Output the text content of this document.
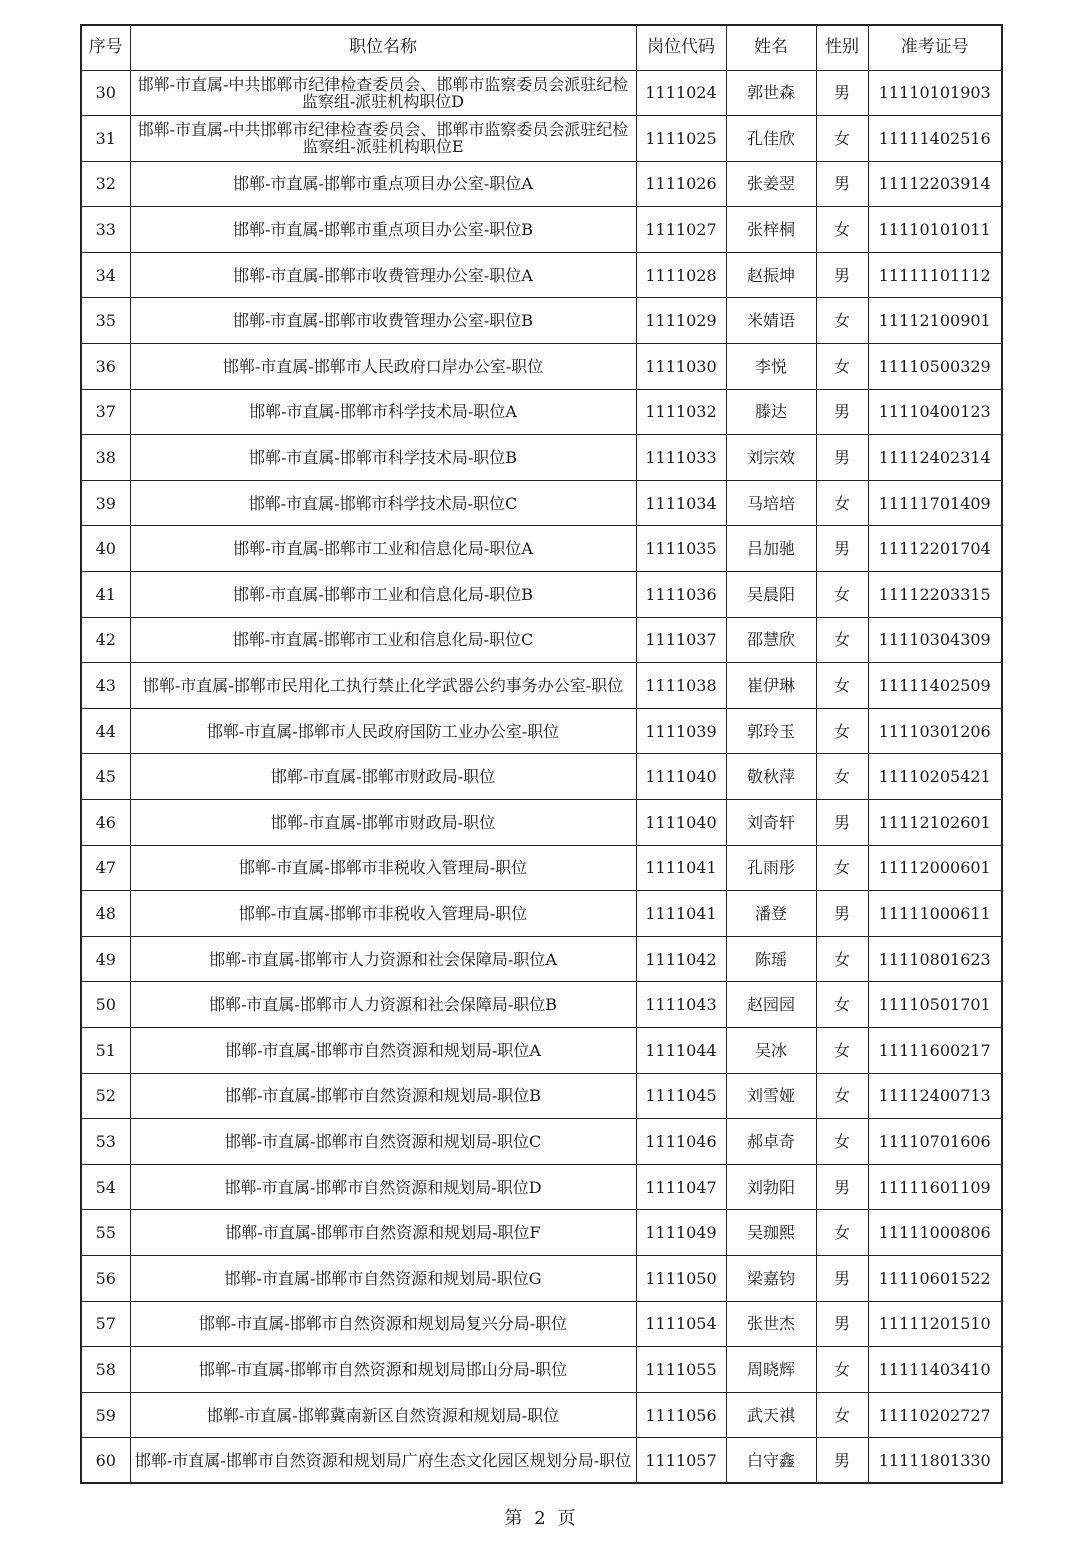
序号	职位名称	岗位代码	姓名	性别	准考证号
30	邯郸-市直属-中共邯郸市纪律检查委员会、邯郸市监察委员会派驻纪检监察组-派驻机构职位D	1111024	郭世森	男	11110101903
31	邯郸-市直属-中共邯郸市纪律检查委员会、邯郸市监察委员会派驻纪检监察组-派驻机构职位E	1111025	孔佳欣	女	11111402516
32	邯郸-市直属-邯郸市重点项目办公室-职位A	1111026	张姜翌	男	11112203914
33	邯郸-市直属-邯郸市重点项目办公室-职位B	1111027	张梓桐	女	11110101011
34	邯郸-市直属-邯郸市收费管理办公室-职位A	1111028	赵振坤	男	11111101112
35	邯郸-市直属-邯郸市收费管理办公室-职位B	1111029	米婧语	女	11112100901
36	邯郸-市直属-邯郸市人民政府口岸办公室-职位	1111030	李悦	女	11110500329
37	邯郸-市直属-邯郸市科学技术局-职位A	1111032	滕达	男	11110400123
38	邯郸-市直属-邯郸市科学技术局-职位B	1111033	刘宗效	男	11112402314
39	邯郸-市直属-邯郸市科学技术局-职位C	1111034	马培培	女	11111701409
40	邯郸-市直属-邯郸市工业和信息化局-职位A	1111035	吕加驰	男	11112201704
41	邯郸-市直属-邯郸市工业和信息化局-职位B	1111036	吴晨阳	女	11112203315
42	邯郸-市直属-邯郸市工业和信息化局-职位C	1111037	邵慧欣	女	11110304309
43	邯郸-市直属-邯郸市民用化工执行禁止化学武器公约事务办公室-职位	1111038	崔伊琳	女	11111402509
44	邯郸-市直属-邯郸市人民政府国防工业办公室-职位	1111039	郭玲玉	女	11110301206
45	邯郸-市直属-邯郸市财政局-职位	1111040	敬秋萍	女	11110205421
46	邯郸-市直属-邯郸市财政局-职位	1111040	刘奇轩	男	11112102601
47	邯郸-市直属-邯郸市非税收入管理局-职位	1111041	孔雨彤	女	11112000601
48	邯郸-市直属-邯郸市非税收入管理局-职位	1111041	潘登	男	11111000611
49	邯郸-市直属-邯郸市人力资源和社会保障局-职位A	1111042	陈瑶	女	11110801623
50	邯郸-市直属-邯郸市人力资源和社会保障局-职位B	1111043	赵园园	女	11110501701
51	邯郸-市直属-邯郸市自然资源和规划局-职位A	1111044	吴冰	女	11111600217
52	邯郸-市直属-邯郸市自然资源和规划局-职位B	1111045	刘雪娅	女	11112400713
53	邯郸-市直属-邯郸市自然资源和规划局-职位C	1111046	郝卓奇	女	11110701606
54	邯郸-市直属-邯郸市自然资源和规划局-职位D	1111047	刘勃阳	男	11111601109
55	邯郸-市直属-邯郸市自然资源和规划局-职位F	1111049	吴珈熙	女	11111000806
56	邯郸-市直属-邯郸市自然资源和规划局-职位G	1111050	梁嘉钧	男	11110601522
57	邯郸-市直属-邯郸市自然资源和规划局复兴分局-职位	1111054	张世杰	男	11111201510
58	邯郸-市直属-邯郸市自然资源和规划局邯山分局-职位	1111055	周晓辉	女	11111403410
59	邯郸-市直属-邯郸冀南新区自然资源和规划局-职位	1111056	武天祺	女	11110202727
60	邯郸-市直属-邯郸市自然资源和规划局广府生态文化园区规划分局-职位	1111057	白守鑫	男	11111801330
第 2 页
